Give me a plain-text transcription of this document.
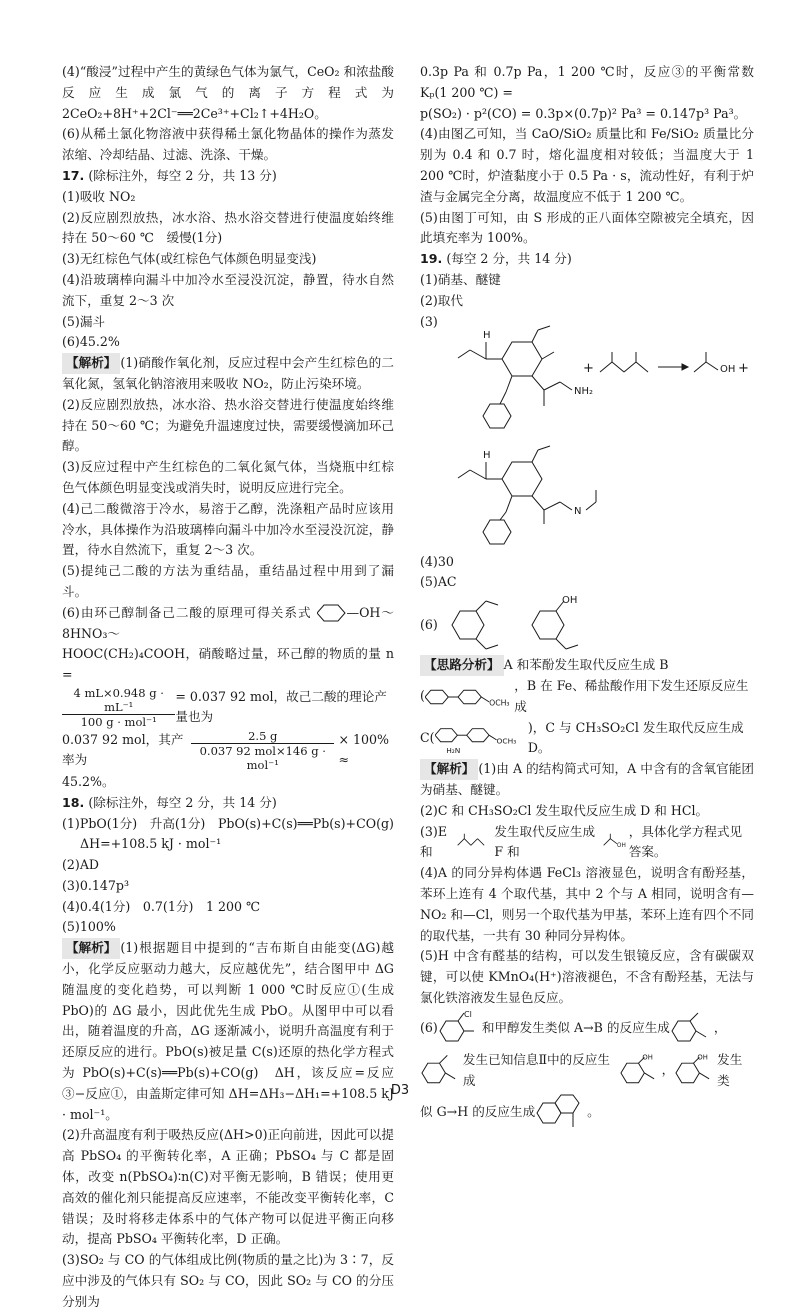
(4)“酸浸”过程中产生的黄绿色气体为氯气，CeO₂ 和浓盐酸反应生成氯气的离子方程式为2CeO₂+8H⁺+2Cl⁻══2Ce³⁺+Cl₂↑+4H₂O。

(6)从稀土氯化物溶液中获得稀土氯化物晶体的操作为蒸发浓缩、冷却结晶、过滤、洗涤、干燥。

17. (除标注外，每空 2 分，共 13 分)

(1)吸收 NO₂

(2)反应剧烈放热，冰水浴、热水浴交替进行使温度始终维持在 50～60 ℃　缓慢(1分)

(3)无红棕色气体(或红棕色气体颜色明显变浅)

(4)沿玻璃棒向漏斗中加冷水至浸没沉淀，静置，待水自然流下，重复 2～3 次

(5)漏斗

(6)45.2%

【解析】 (1)硝酸作氧化剂，反应过程中会产生红棕色的二氧化氮，氢氧化钠溶液用来吸收 NO₂，防止污染环境。

(2)反应剧烈放热，冰水浴、热水浴交替进行使温度始终维持在 50～60 ℃；为避免升温速度过快，需要缓慢滴加环己醇。

(3)反应过程中产生红棕色的二氧化氮气体，当烧瓶中红棕色气体颜色明显变浅或消失时，说明反应进行完全。

(4)己二酸微溶于冷水，易溶于乙醇，洗涤粗产品时应该用冷水，具体操作为沿玻璃棒向漏斗中加冷水至浸没沉淀，静置，待水自然流下，重复 2～3 次。

(5)提纯己二酸的方法为重结晶，重结晶过程中用到了漏斗。

(6)由环己醇制备己二酸的原理可得关系式	—OH～8HNO₃～

HOOC(CH₂)₄COOH，硝酸略过量，环己醇的物质的量 n =

$\frac{\text{4 mL×0.948 g · mL⁻¹}}{\text{100 g · mol⁻¹}} = 0.037$ 92 mol，故己二酸的理论产量也为
0.037 92 mol，其产率为	$\frac{2.5 g}{\text{0.037 92 mol×146 g · mol⁻¹}} \times 100\%$ ≈

45.2%。

18. (除标注外，每空 2 分，共 14 分)

(1)PbO(1分)　升高(1分)　PbO(s)+C(s)══Pb(s)+CO(g)

ΔH=+108.5 kJ · mol⁻¹

(2)AD

(3)0.147p³

(4)0.4(1分)　0.7(1分)　1 200 ℃

(5)100%

【解析】 (1)根据题目中提到的“吉布斯自由能变(ΔG)越小，化学反应驱动力越大，反应越优先”，结合图甲中 ΔG 随温度的变化趋势，可以判断 1 000 ℃时反应①(生成 PbO)的 ΔG 最小，因此优先生成 PbO。从图甲中可以看出，随着温度的升高，ΔG 逐渐减小，说明升高温度有利于还原反应的进行。PbO(s)被足量 C(s)还原的热化学方程式为 PbO(s)+C(s)══Pb(s)+CO(g)　ΔH，该反应=反应③−反应①，由盖斯定律可知 ΔH=ΔH₃−ΔH₁=+108.5 kJ · mol⁻¹。

(2)升高温度有利于吸热反应(ΔH>0)正向前进，因此可以提高 PbSO₄ 的平衡转化率，A 正确；PbSO₄ 与 C 都是固体，改变 n(PbSO₄)∶n(C)对平衡无影响，B 错误；使用更高效的催化剂只能提高反应速率，不能改变平衡转化率，C 错误；及时将移走体系中的气体产物可以促进平衡正向移动，提高 PbSO₄ 平衡转化率，D 正确。

(3)SO₂ 与 CO 的气体组成比例(物质的量之比)为 3∶7，反应中涉及的气体只有 SO₂ 与 CO，因此 SO₂ 与 CO 的分压分别为

0.3p Pa 和 0.7p Pa，1 200 ℃时，反应③的平衡常数 Kₚ(1 200 ℃) =

p(SO₂) · p²(CO) = 0.3p×(0.7p)² Pa³ = 0.147p³ Pa³。

(4)由图乙可知，当 CaO/SiO₂ 质量比和 Fe/SiO₂ 质量比分别为 0.4 和 0.7 时，熔化温度相对较低；当温度大于 1 200 ℃时，炉渣黏度小于 0.5 Pa · s，流动性好，有利于炉渣与金属完全分离，故温度应不低于 1 200 ℃。

(5)由图丁可知，由 S 形成的正八面体空隙被完全填充，因此填充率为 100%。

19. (每空 2 分，共 14 分)

(1)硝基、醚键

(2)取代

(3)
NH₂
H
N
H
+	OH +

(4)30

(5)AC

(6)
OH

【思路分析】 A 和苯酚发生取代反应生成 B

(	OCH₃
，B 在 Fe、稀盐酸作用下发生还原反应生成
C(
H₂N
OCH₃
)，C 与 CH₃SO₂Cl 发生取代反应生成 D。

【解析】 (1)由 A 的结构简式可知，A 中含有的含氧官能团为硝基、醚键。

(2)C 和 CH₃SO₂Cl 发生取代反应生成 D 和 HCl。

(3)E 和
发生取代反应生成 F 和	OH
，具体化学方程式见答案。

(4)A 的同分异构体遇 FeCl₃ 溶液显色，说明含有酚羟基，苯环上连有 4 个取代基，其中 2 个与 A 相同，说明含有—NO₂ 和—Cl，则另一个取代基为甲基，苯环上连有四个不同的取代基，一共有 30 种同分异构体。

(5)H 中含有醛基的结构，可以发生银镜反应，含有碳碳双键，可以使 KMnO₄(H⁺)溶液褪色，不含有酚羟基，无法与氯化铁溶液发生显色反应。

(6)
Cl
和甲醇发生类似 A→B 的反应生成	，
发生已知信息Ⅱ中的反应生成
OH
，
OH 发生类
似 G→H 的反应生成	。
D3
